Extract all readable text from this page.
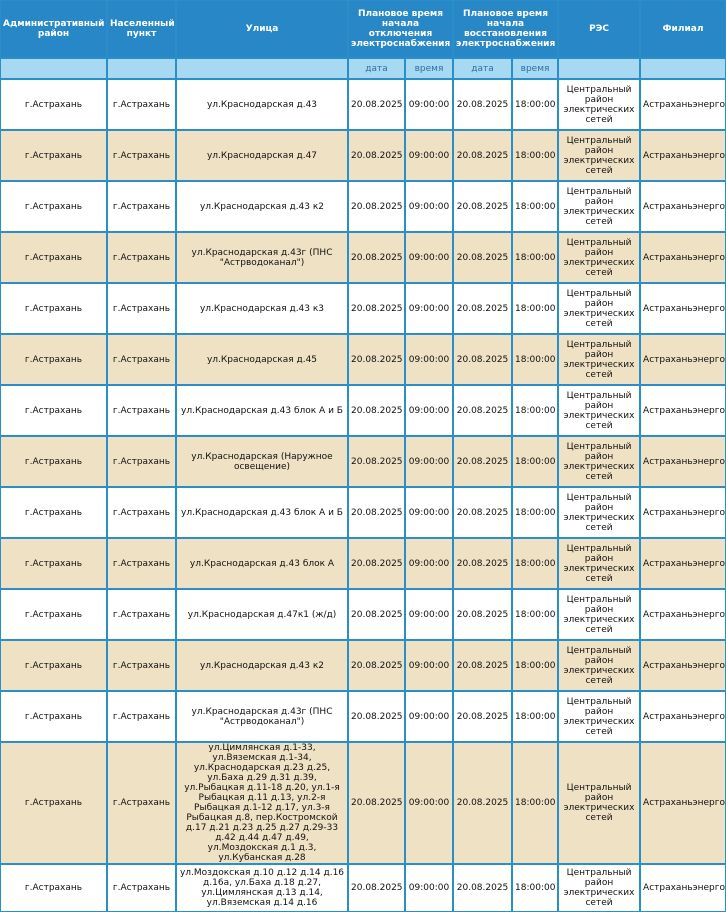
Административный район	Населенный пункт	Улица	Плановое время начала отключения электроснабжения		Плановое время начала восстановления электроснабжения		РЭС	Филиал
			дата	время	дата	время		
г.Астрахань	г.Астрахань	ул.Краснодарская д.43	20.08.2025	09:00:00	20.08.2025	18:00:00	Центральный район электрических сетей	Астраханьэнерго
г.Астрахань	г.Астрахань	ул.Краснодарская д.47	20.08.2025	09:00:00	20.08.2025	18:00:00	Центральный район электрических сетей	Астраханьэнерго
г.Астрахань	г.Астрахань	ул.Краснодарская д.43 к2	20.08.2025	09:00:00	20.08.2025	18:00:00	Центральный район электрических сетей	Астраханьэнерго
г.Астрахань	г.Астрахань	ул.Краснодарская д.43г (ПНС "Астрводоканал")	20.08.2025	09:00:00	20.08.2025	18:00:00	Центральный район электрических сетей	Астраханьэнерго
г.Астрахань	г.Астрахань	ул.Краснодарская д.43 к3	20.08.2025	09:00:00	20.08.2025	18:00:00	Центральный район электрических сетей	Астраханьэнерго
г.Астрахань	г.Астрахань	ул.Краснодарская д.45	20.08.2025	09:00:00	20.08.2025	18:00:00	Центральный район электрических сетей	Астраханьэнерго
г.Астрахань	г.Астрахань	ул.Краснодарская д.43 блок А и Б	20.08.2025	09:00:00	20.08.2025	18:00:00	Центральный район электрических сетей	Астраханьэнерго
г.Астрахань	г.Астрахань	ул.Краснодарская (Наружное освещение)	20.08.2025	09:00:00	20.08.2025	18:00:00	Центральный район электрических сетей	Астраханьэнерго
г.Астрахань	г.Астрахань	ул.Краснодарская д.43 блок А и Б	20.08.2025	09:00:00	20.08.2025	18:00:00	Центральный район электрических сетей	Астраханьэнерго
г.Астрахань	г.Астрахань	ул.Краснодарская д.43 блок А	20.08.2025	09:00:00	20.08.2025	18:00:00	Центральный район электрических сетей	Астраханьэнерго
г.Астрахань	г.Астрахань	ул.Краснодарская д.47к1 (ж/д)	20.08.2025	09:00:00	20.08.2025	18:00:00	Центральный район электрических сетей	Астраханьэнерго
г.Астрахань	г.Астрахань	ул.Краснодарская д.43 к2	20.08.2025	09:00:00	20.08.2025	18:00:00	Центральный район электрических сетей	Астраханьэнерго
г.Астрахань	г.Астрахань	ул.Краснодарская д.43г (ПНС "Астрводоканал")	20.08.2025	09:00:00	20.08.2025	18:00:00	Центральный район электрических сетей	Астраханьэнерго
г.Астрахань	г.Астрахань	ул.Цимлянская д.1-33, ул.Вяземская д.1-34, ул.Краснодарская д.23 д.25, ул.Баха д.29 д.31 д.39, ул.Рыбацкая д.11-18 д.20, ул.1-я Рыбацкая д.11 д.13, ул.2-я Рыбацкая д.1-12 д.17, ул.3-я Рыбацкая д.8, пер.Костромской д.17 д.21 д.23 д.25 д.27 д.29-33 д.42 д.44 д.47 д.49, ул.Моздокская д.1 д.3, ул.Кубанская д.28	20.08.2025	09:00:00	20.08.2025	18:00:00	Центральный район электрических сетей	Астраханьэнерго
г.Астрахань	г.Астрахань	ул.Моздокская д.10 д.12 д.14 д.16 д.16а, ул.Баха д.18 д.27, ул.Цимлянская д.13 д.14, ул.Вяземская д.14 д.16	20.08.2025	09:00:00	20.08.2025	18:00:00	Центральный район электрических сетей	Астраханьэнерго
